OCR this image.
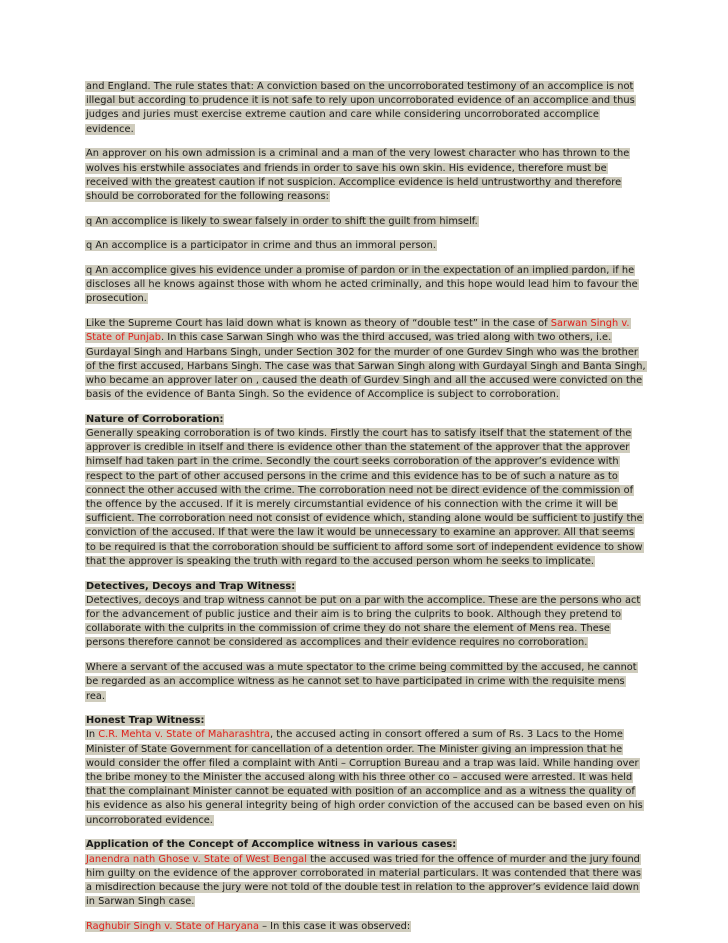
and England. The rule states that: A conviction based on the uncorroborated testimony of an accomplice is not illegal but according to prudence it is not safe to rely upon uncorroborated evidence of an accomplice and thus judges and juries must exercise extreme caution and care while considering uncorroborated accomplice evidence.

An approver on his own admission is a criminal and a man of the very lowest character who has thrown to the wolves his erstwhile associates and friends in order to save his own skin. His evidence, therefore must be received with the greatest caution if not suspicion. Accomplice evidence is held untrustworthy and therefore should be corroborated for the following reasons:

q An accomplice is likely to swear falsely in order to shift the guilt from himself.

q An accomplice is a participator in crime and thus an immoral person.

q An accomplice gives his evidence under a promise of pardon or in the expectation of an implied pardon, if he discloses all he knows against those with whom he acted criminally, and this hope would lead him to favour the prosecution.

Like the Supreme Court has laid down what is known as theory of “double test” in the case of Sarwan Singh v. State of Punjab. In this case Sarwan Singh who was the third accused, was tried along with two others, i.e. Gurdayal Singh and Harbans Singh, under Section 302 for the murder of one Gurdev Singh who was the brother of the first accused, Harbans Singh. The case was that Sarwan Singh along with Gurdayal Singh and Banta Singh, who became an approver later on , caused the death of Gurdev Singh and all the accused were convicted on the basis of the evidence of Banta Singh. So the evidence of Accomplice is subject to corroboration.

Nature of Corroboration:
Generally speaking corroboration is of two kinds. Firstly the court has to satisfy itself that the statement of the approver is credible in itself and there is evidence other than the statement of the approver that the approver himself had taken part in the crime. Secondly the court seeks corroboration of the approver’s evidence with respect to the part of other accused persons in the crime and this evidence has to be of such a nature as to connect the other accused with the crime. The corroboration need not be direct evidence of the commission of the offence by the accused. If it is merely circumstantial evidence of his connection with the crime it will be sufficient. The corroboration need not consist of evidence which, standing alone would be sufficient to justify the conviction of the accused. If that were the law it would be unnecessary to examine an approver. All that seems to be required is that the corroboration should be sufficient to afford some sort of independent evidence to show that the approver is speaking the truth with regard to the accused person whom he seeks to implicate.

Detectives, Decoys and Trap Witness:
Detectives, decoys and trap witness cannot be put on a par with the accomplice. These are the persons who act for the advancement of public justice and their aim is to bring the culprits to book. Although they pretend to collaborate with the culprits in the commission of crime they do not share the element of Mens rea. These persons therefore cannot be considered as accomplices and their evidence requires no corroboration.

Where a servant of the accused was a mute spectator to the crime being committed by the accused, he cannot be regarded as an accomplice witness as he cannot set to have participated in crime with the requisite mens rea.

Honest Trap Witness:
In C.R. Mehta v. State of Maharashtra, the accused acting in consort offered a sum of Rs. 3 Lacs to the Home Minister of State Government for cancellation of a detention order. The Minister giving an impression that he would consider the offer filed a complaint with Anti – Corruption Bureau and a trap was laid. While handing over the bribe money to the Minister the accused along with his three other co – accused were arrested. It was held that the complainant Minister cannot be equated with position of an accomplice and as a witness the quality of his evidence as also his general integrity being of high order conviction of the accused can be based even on his uncorroborated evidence.

Application of the Concept of Accomplice witness in various cases:
Janendra nath Ghose v. State of West Bengal the accused was tried for the offence of murder and the jury found him guilty on the evidence of the approver corroborated in material particulars. It was contended that there was a misdirection because the jury were not told of the double test in relation to the approver’s evidence laid down in Sarwan Singh case.

Raghubir Singh v. State of Haryana – In this case it was observed:
